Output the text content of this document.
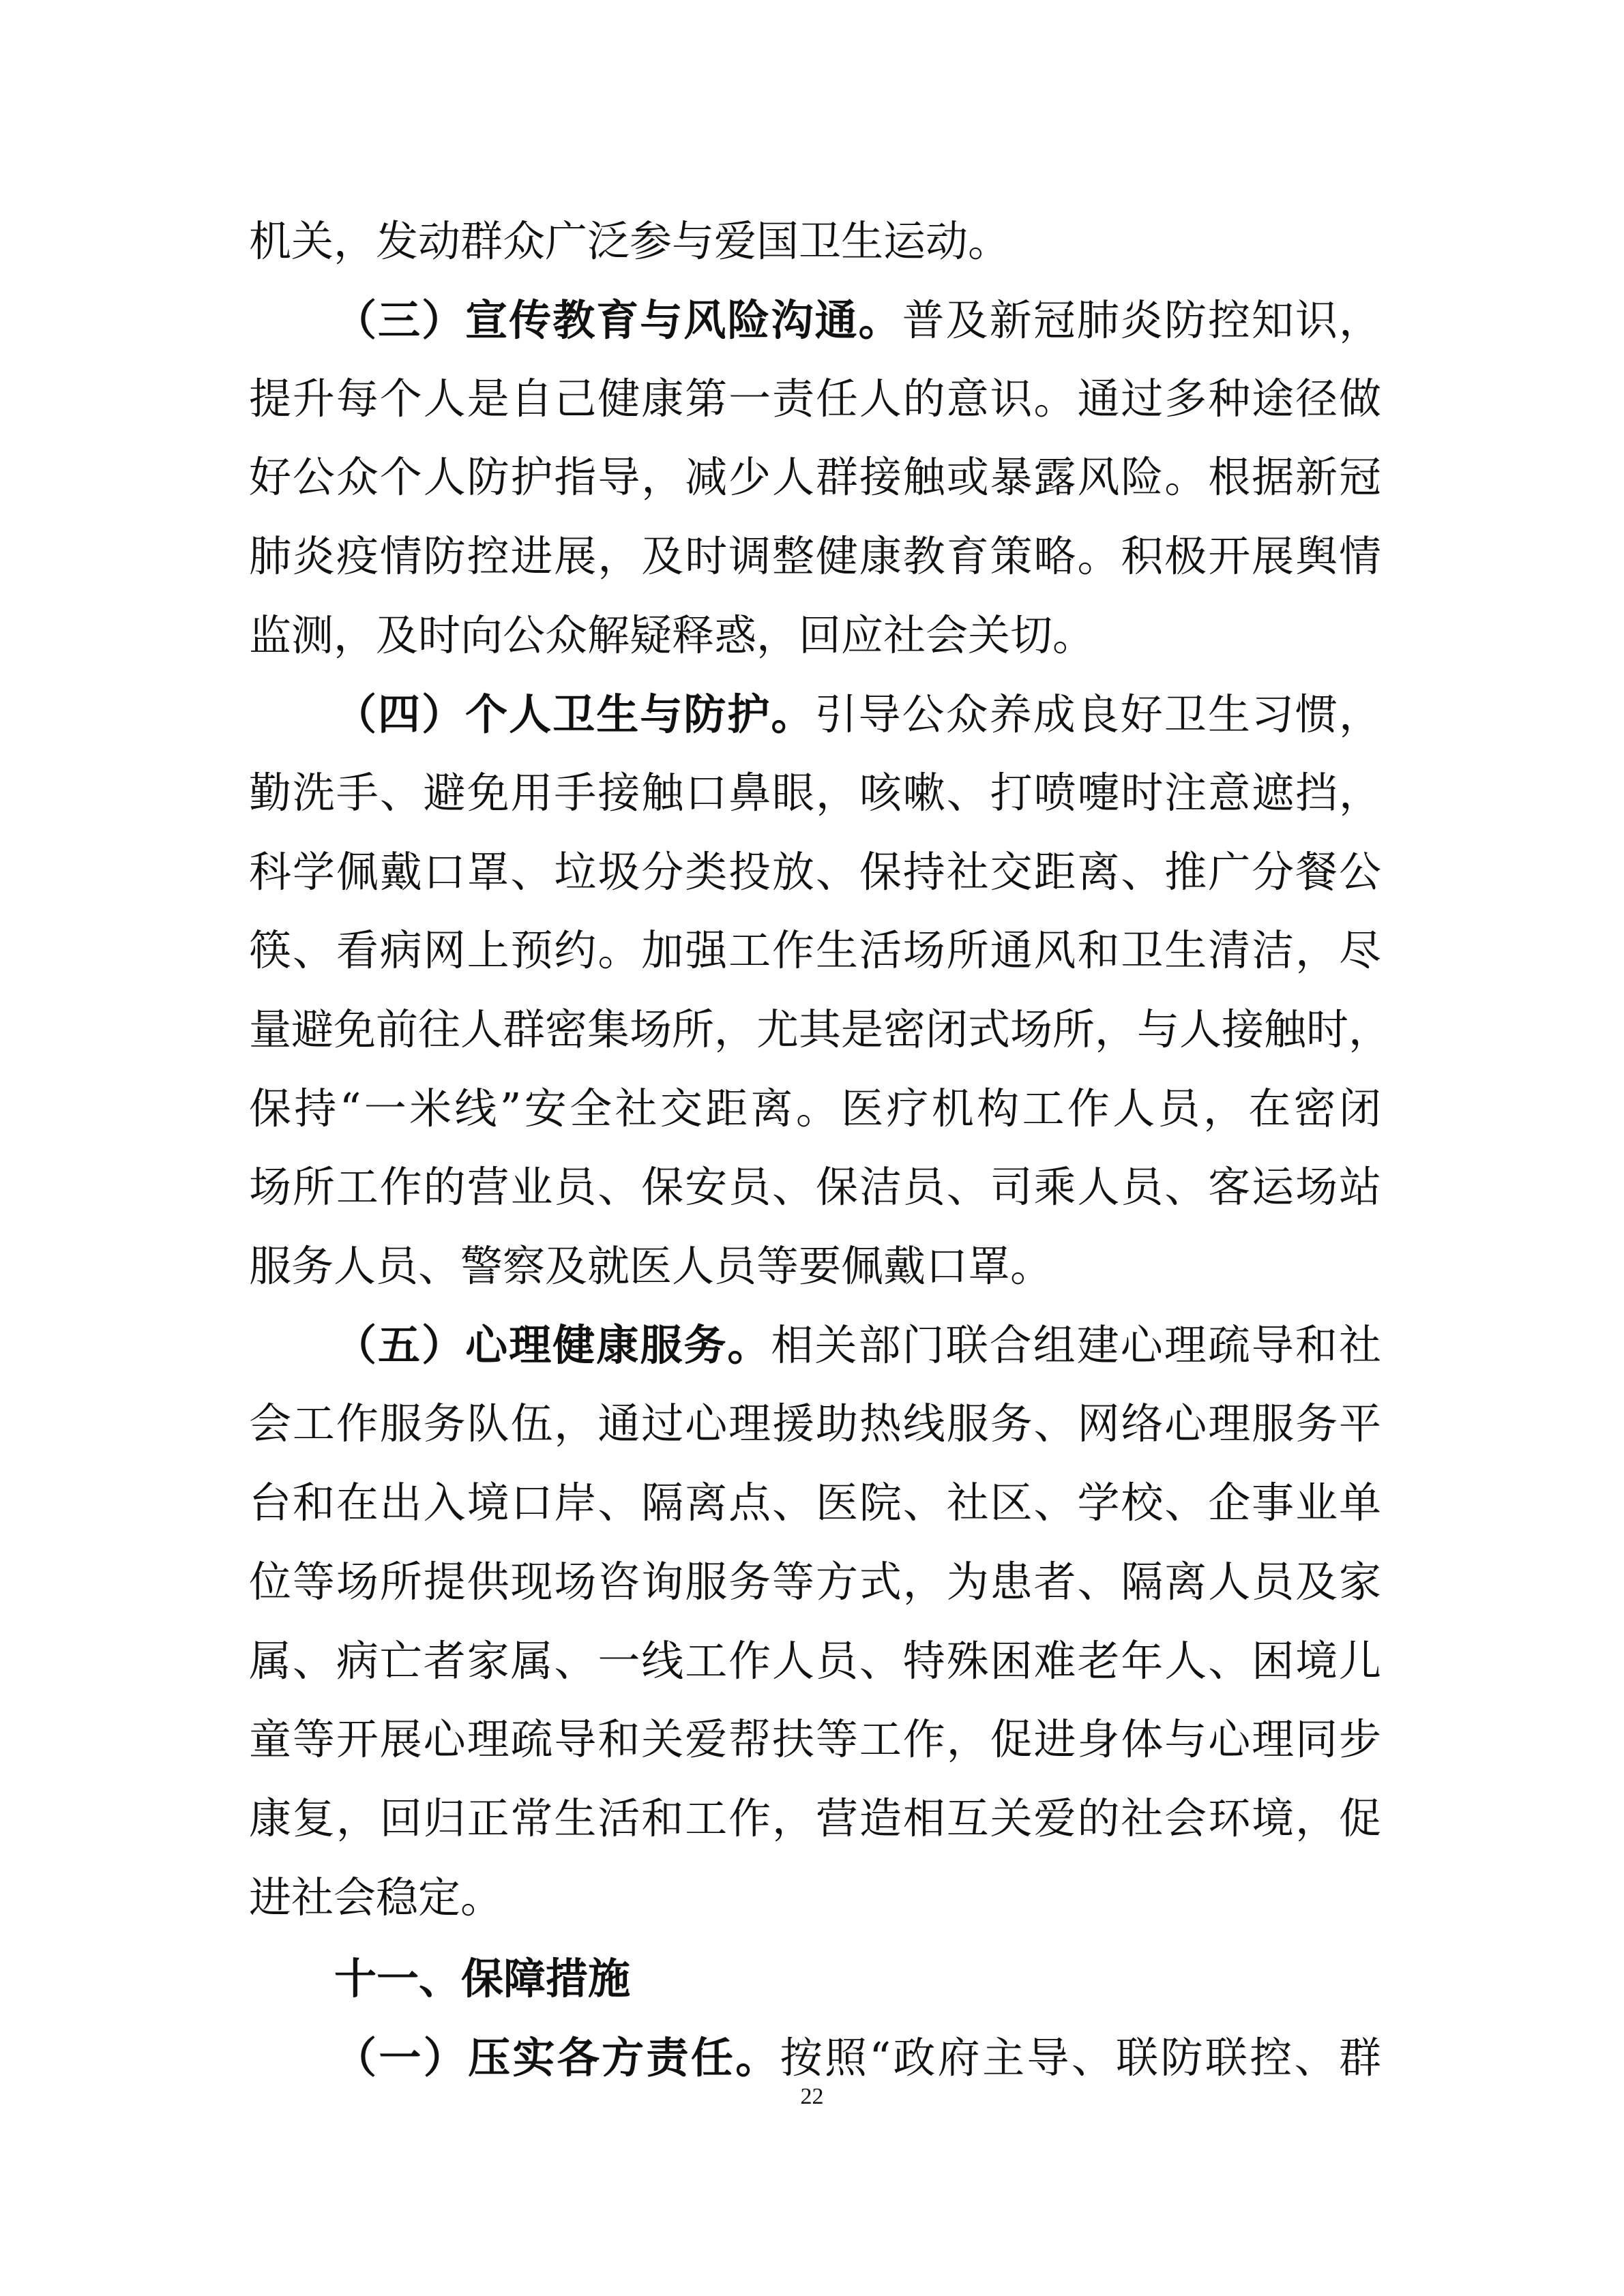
机关，发动群众广泛参与爱国卫生运动。
（三）宣传教育与风险沟通。普及新冠肺炎防控知识，
提升每个人是自己健康第一责任人的意识。通过多种途径做
好公众个人防护指导，减少人群接触或暴露风险。根据新冠
肺炎疫情防控进展，及时调整健康教育策略。积极开展舆情
监测，及时向公众解疑释惑，回应社会关切。
（四）个人卫生与防护。引导公众养成良好卫生习惯，
勤洗手、避免用手接触口鼻眼，咳嗽、打喷嚏时注意遮挡，
科学佩戴口罩、垃圾分类投放、保持社交距离、推广分餐公
筷、看病网上预约。加强工作生活场所通风和卫生清洁，尽
量避免前往人群密集场所，尤其是密闭式场所，与人接触时，
保持“一米线”安全社交距离。医疗机构工作人员，在密闭
场所工作的营业员、保安员、保洁员、司乘人员、客运场站
服务人员、警察及就医人员等要佩戴口罩。
（五）心理健康服务。相关部门联合组建心理疏导和社
会工作服务队伍，通过心理援助热线服务、网络心理服务平
台和在出入境口岸、隔离点、医院、社区、学校、企事业单
位等场所提供现场咨询服务等方式，为患者、隔离人员及家
属、病亡者家属、一线工作人员、特殊困难老年人、困境儿
童等开展心理疏导和关爱帮扶等工作，促进身体与心理同步
康复，回归正常生活和工作，营造相互关爱的社会环境，促
进社会稳定。
十一、保障措施
（一）压实各方责任。按照“政府主导、联防联控、群
22
